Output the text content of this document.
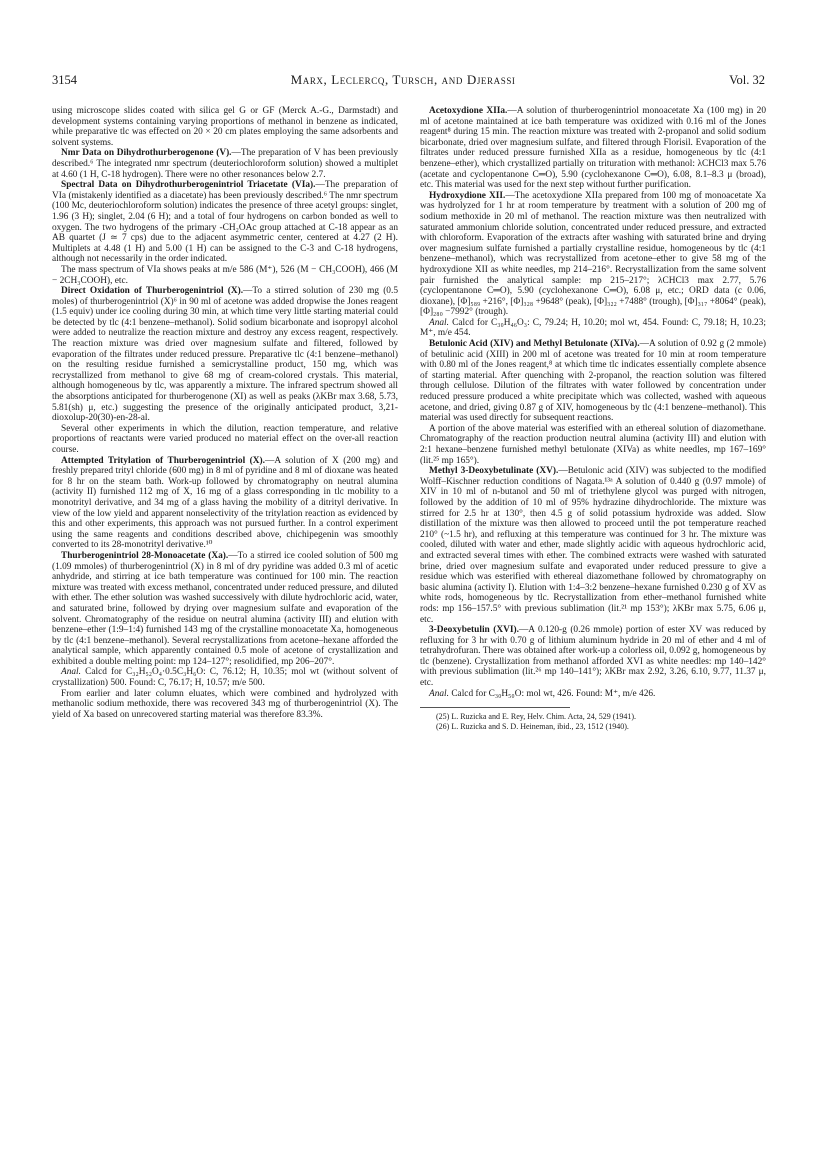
3154	Marx, Leclercq, Tursch, and Djerassi	Vol. 32

using microscope slides coated with silica gel G or GF (Merck A.-G., Darmstadt) and development systems containing varying proportions of methanol in benzene as indicated, while preparative tlc was effected on 20 × 20 cm plates employing the same adsorbents and solvent systems.

Nmr Data on Dihydrothurberogenone (V).—The preparation of V has been previously described.⁶ The integrated nmr spectrum (deuteriochloroform solution) showed a multiplet at 4.60 (1 H, C-18 hydrogen). There were no other resonances below 2.7.

Spectral Data on Dihydrothurberogenintriol Triacetate (VIa).—The preparation of VIa (mistakenly identified as a diacetate) has been previously described.⁶ The nmr spectrum (100 Mc, deuteriochloroform solution) indicates the presence of three acetyl groups: singlet, 1.96 (3 H); singlet, 2.04 (6 H); and a total of four hydrogens on carbon bonded as well to oxygen. The two hydrogens of the primary -CH₂OAc group attached at C-18 appear as an AB quartet (J ≃ 7 cps) due to the adjacent asymmetric center, centered at 4.27 (2 H). Multiplets at 4.48 (1 H) and 5.00 (1 H) can be assigned to the C-3 and C-18 hydrogens, although not necessarily in the order indicated.

The mass spectrum of VIa shows peaks at m/e 586 (M⁺), 526 (M − CH₃COOH), 466 (M − 2CH₃COOH), etc.

Direct Oxidation of Thurberogenintriol (X).—To a stirred solution of 230 mg (0.5 moles) of thurberogenintriol (X)⁶ in 90 ml of acetone was added dropwise the Jones reagent (1.5 equiv) under ice cooling during 30 min, at which time very little starting material could be detected by tlc (4:1 benzene–methanol). Solid sodium bicarbonate and isopropyl alcohol were added to neutralize the reaction mixture and destroy any excess reagent, respectively. The reaction mixture was dried over magnesium sulfate and filtered, followed by evaporation of the filtrates under reduced pressure. Preparative tlc (4:1 benzene–methanol) on the resulting residue furnished a semicrystalline product, 150 mg, which was recrystallized from methanol to give 68 mg of cream-colored crystals. This material, although homogeneous by tlc, was apparently a mixture. The infrared spectrum showed all the absorptions anticipated for thurberogenone (XI) as well as peaks (λKBr max 3.68, 5.73, 5.81(sh) μ, etc.) suggesting the presence of the originally anticipated product, 3,21-dioxolup-20(30)-en-28-al.

Several other experiments in which the dilution, reaction temperature, and relative proportions of reactants were varied produced no material effect on the over-all reaction course.

Attempted Tritylation of Thurberogenintriol (X).—A solution of X (200 mg) and freshly prepared trityl chloride (600 mg) in 8 ml of pyridine and 8 ml of dioxane was heated for 8 hr on the steam bath. Work-up followed by chromatography on neutral alumina (activity II) furnished 112 mg of X, 16 mg of a glass corresponding in tlc mobility to a monotrityl derivative, and 34 mg of a glass having the mobility of a ditrityl derivative. In view of the low yield and apparent nonselectivity of the tritylation reaction as evidenced by this and other experiments, this approach was not pursued further. In a control experiment using the same reagents and conditions described above, chichipegenin was smoothly converted to its 28-monotrityl derivative.¹⁰

Thurberogenintriol 28-Monoacetate (Xa).—To a stirred ice cooled solution of 500 mg (1.09 mmoles) of thurberogenintriol (X) in 8 ml of dry pyridine was added 0.3 ml of acetic anhydride, and stirring at ice bath temperature was continued for 100 min. The reaction mixture was treated with excess methanol, concentrated under reduced pressure, and diluted with ether. The ether solution was washed successively with dilute hydrochloric acid, water, and saturated brine, followed by drying over magnesium sulfate and evaporation of the solvent. Chromatography of the residue on neutral alumina (activity III) and elution with benzene–ether (1:9–1:4) furnished 143 mg of the crystalline monoacetate Xa, homogeneous by tlc (4:1 benzene–methanol). Several recrystallizations from acetone–hexane afforded the analytical sample, which apparently contained 0.5 mole of acetone of crystallization and exhibited a double melting point: mp 124–127°; resolidified, mp 206–207°.

Anal. Calcd for C₃₂H₅₂O₄·0.5C₃H₆O: C, 76.12; H, 10.35; mol wt (without solvent of crystallization) 500. Found: C, 76.17; H, 10.57; m/e 500.

From earlier and later column eluates, which were combined and hydrolyzed with methanolic sodium methoxide, there was recovered 343 mg of thurberogenintriol (X). The yield of Xa based on unrecovered starting material was therefore 83.3%.

Acetoxydione XIIa.—A solution of thurberogenintriol monoacetate Xa (100 mg) in 20 ml of acetone maintained at ice bath temperature was oxidized with 0.16 ml of the Jones reagent⁸ during 15 min. The reaction mixture was treated with 2-propanol and solid sodium bicarbonate, dried over magnesium sulfate, and filtered through Florisil. Evaporation of the filtrates under reduced pressure furnished XIIa as a residue, homogeneous by tlc (4:1 benzene–ether), which crystallized partially on trituration with methanol: λCHCl3 max 5.76 (acetate and cyclopentanone C═O), 5.90 (cyclohexanone C═O), 6.08, 8.1–8.3 μ (broad), etc. This material was used for the next step without further purification.

Hydroxydione XII.—The acetoxydione XIIa prepared from 100 mg of monoacetate Xa was hydrolyzed for 1 hr at room temperature by treatment with a solution of 200 mg of sodium methoxide in 20 ml of methanol. The reaction mixture was then neutralized with saturated ammonium chloride solution, concentrated under reduced pressure, and extracted with chloroform. Evaporation of the extracts after washing with saturated brine and drying over magnesium sulfate furnished a partially crystalline residue, homogeneous by tlc (4:1 benzene–methanol), which was recrystallized from acetone–ether to give 58 mg of the hydroxydione XII as white needles, mp 214–216°. Recrystallization from the same solvent pair furnished the analytical sample: mp 215–217°; λCHCl3 max 2.77, 5.76 (cyclopentanone C═O), 5.90 (cyclohexanone C═O), 6.08 μ, etc.; ORD data (c 0.06, dioxane), [Φ]₅₈₉ +216°, [Φ]₃₂₈ +9648° (peak), [Φ]₃₂₂ +7488° (trough), [Φ]₃₁₇ +8064° (peak), [Φ]₂₈₀ −7992° (trough).

Anal. Calcd for C₃₀H₄₆O₃: C, 79.24; H, 10.20; mol wt, 454. Found: C, 79.18; H, 10.23; M⁺, m/e 454.

Betulonic Acid (XIV) and Methyl Betulonate (XIVa).—A solution of 0.92 g (2 mmole) of betulinic acid (XIII) in 200 ml of acetone was treated for 10 min at room temperature with 0.80 ml of the Jones reagent,⁸ at which time tlc indicates essentially complete absence of starting material. After quenching with 2-propanol, the reaction solution was filtered through cellulose. Dilution of the filtrates with water followed by concentration under reduced pressure produced a white precipitate which was collected, washed with aqueous acetone, and dried, giving 0.87 g of XIV, homogeneous by tlc (4:1 benzene–methanol). This material was used directly for subsequent reactions.

A portion of the above material was esterified with an ethereal solution of diazomethane. Chromatography of the reaction production neutral alumina (activity III) and elution with 2:1 hexane–benzene furnished methyl betulonate (XIVa) as white needles, mp 167–169° (lit.²⁵ mp 165°).

Methyl 3-Deoxybetulinate (XV).—Betulonic acid (XIV) was subjected to the modified Wolff–Kischner reduction conditions of Nagata.¹³ᵃ A solution of 0.440 g (0.97 mmole) of XIV in 10 ml of n-butanol and 50 ml of triethylene glycol was purged with nitrogen, followed by the addition of 10 ml of 95% hydrazine dihydrochloride. The mixture was stirred for 2.5 hr at 130°, then 4.5 g of solid potassium hydroxide was added. Slow distillation of the mixture was then allowed to proceed until the pot temperature reached 210° (~1.5 hr), and refluxing at this temperature was continued for 3 hr. The mixture was cooled, diluted with water and ether, made slightly acidic with aqueous hydrochloric acid, and extracted several times with ether. The combined extracts were washed with saturated brine, dried over magnesium sulfate and evaporated under reduced pressure to give a residue which was esterified with ethereal diazomethane followed by chromatography on basic alumina (activity I). Elution with 1:4–3:2 benzene–hexane furnished 0.230 g of XV as white rods, homogeneous by tlc. Recrystallization from ether–methanol furnished white rods: mp 156–157.5° with previous sublimation (lit.²¹ mp 153°); λKBr max 5.75, 6.06 μ, etc.

3-Deoxybetulin (XVI).—A 0.120-g (0.26 mmole) portion of ester XV was reduced by refluxing for 3 hr with 0.70 g of lithium aluminum hydride in 20 ml of ether and 4 ml of tetrahydrofuran. There was obtained after work-up a colorless oil, 0.092 g, homogeneous by tlc (benzene). Crystallization from methanol afforded XVI as white needles: mp 140–142° with previous sublimation (lit.²⁶ mp 140–141°); λKBr max 2.92, 3.26, 6.10, 9.77, 11.37 μ, etc.

Anal. Calcd for C₃₀H₅₀O: mol wt, 426. Found: M⁺, m/e 426.

(25) L. Ruzicka and E. Rey, Helv. Chim. Acta, 24, 529 (1941).

(26) L. Ruzicka and S. D. Heineman, ibid., 23, 1512 (1940).
